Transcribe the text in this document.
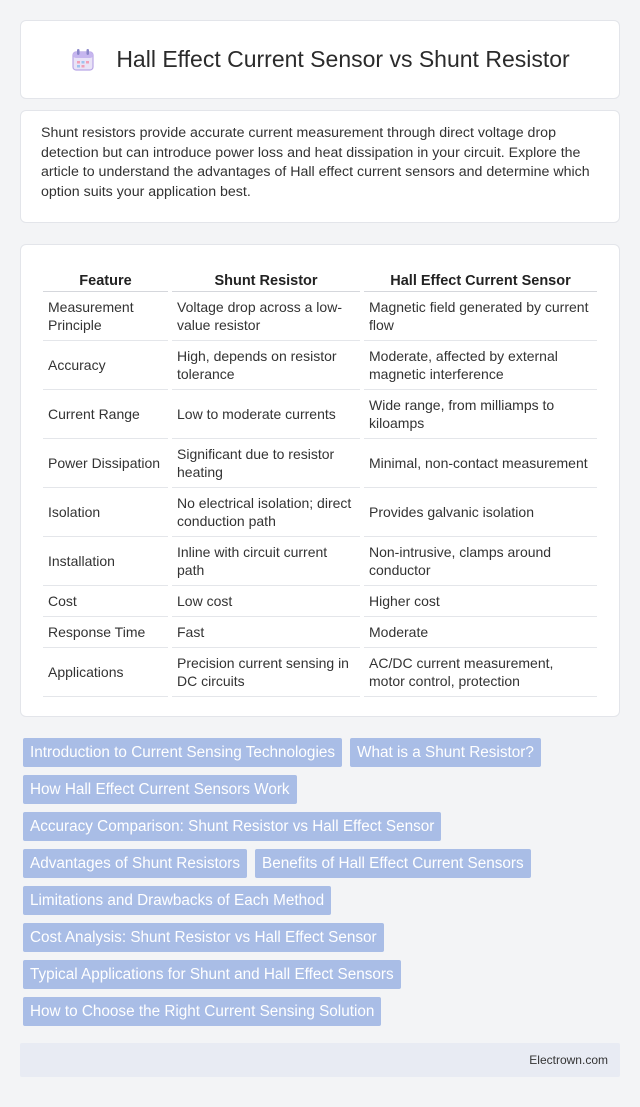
Hall Effect Current Sensor vs Shunt Resistor

Shunt resistors provide accurate current measurement through direct voltage drop detection but can introduce power loss and heat dissipation in your circuit. Explore the article to understand the advantages of Hall effect current sensors and determine which option suits your application best.

Feature	Shunt Resistor	Hall Effect Current Sensor
Measurement Principle	Voltage drop across a low-value resistor	Magnetic field generated by current flow
Accuracy	High, depends on resistor tolerance	Moderate, affected by external magnetic interference
Current Range	Low to moderate currents	Wide range, from milliamps to kiloamps
Power Dissipation	Significant due to resistor heating	Minimal, non-contact measurement
Isolation	No electrical isolation; direct conduction path	Provides galvanic isolation
Installation	Inline with circuit current path	Non-intrusive, clamps around conductor
Cost	Low cost	Higher cost
Response Time	Fast	Moderate
Applications	Precision current sensing in DC circuits	AC/DC current measurement, motor control, protection
Introduction to Current Sensing Technologies	What is a Shunt Resistor?
How Hall Effect Current Sensors Work
Accuracy Comparison: Shunt Resistor vs Hall Effect Sensor
Advantages of Shunt Resistors	Benefits of Hall Effect Current Sensors
Limitations and Drawbacks of Each Method
Cost Analysis: Shunt Resistor vs Hall Effect Sensor
Typical Applications for Shunt and Hall Effect Sensors
How to Choose the Right Current Sensing Solution
Electrown.com
